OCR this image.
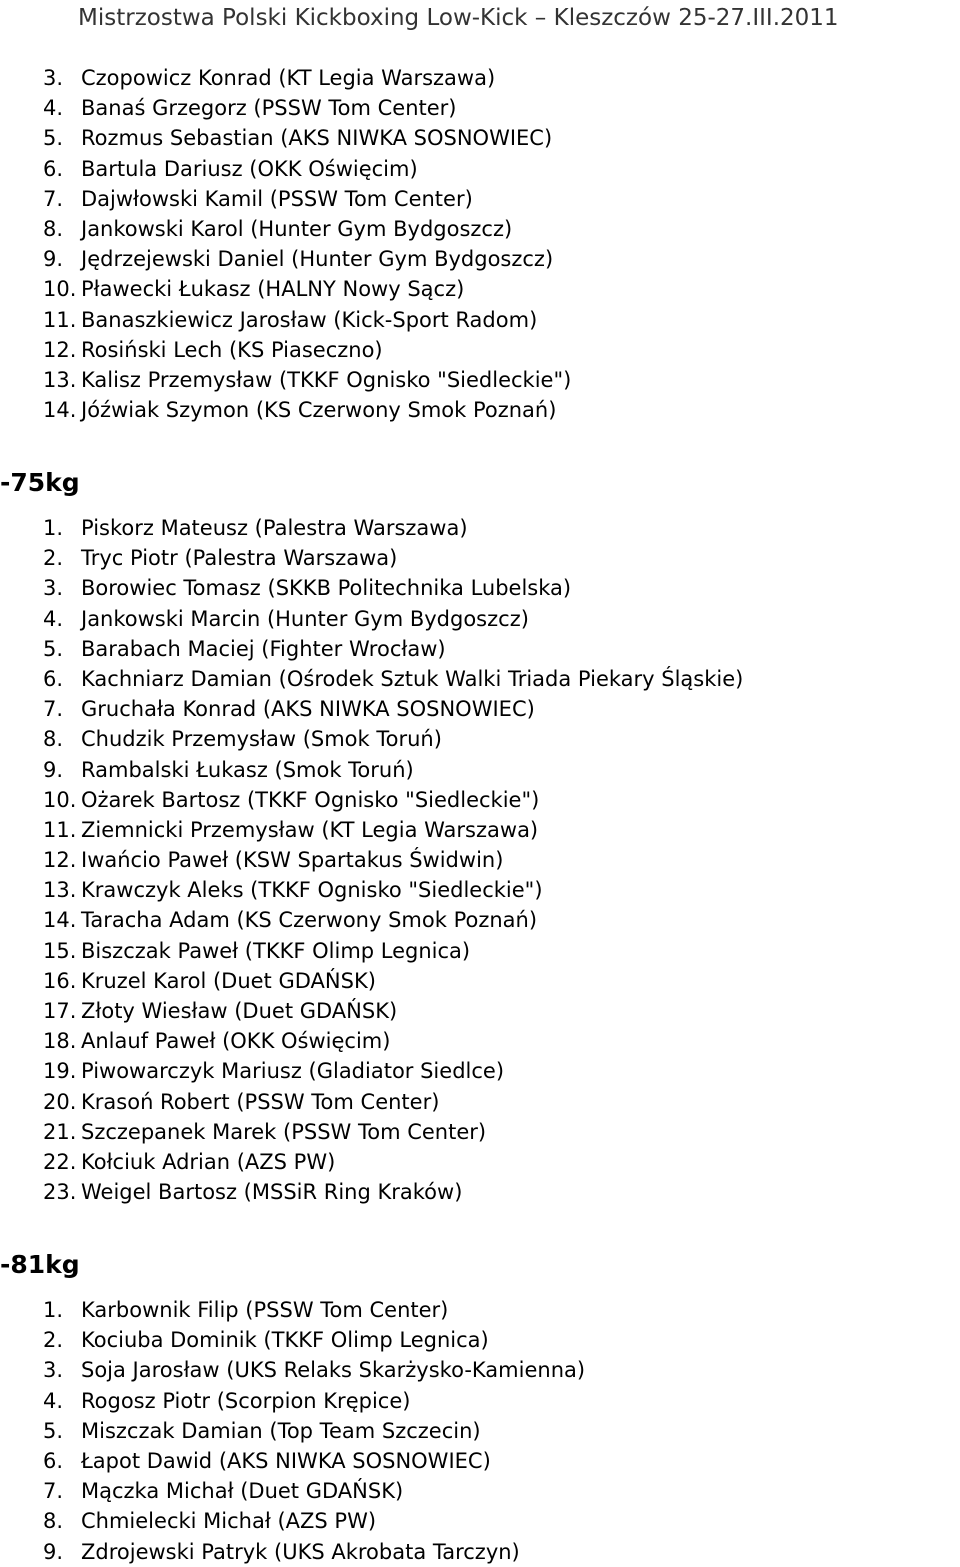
Mistrzostwa Polski Kickboxing Low-Kick – Kleszczów 25-27.III.2011
3. Czopowicz Konrad (KT Legia Warszawa)
4. Banaś Grzegorz (PSSW Tom Center)
5. Rozmus Sebastian (AKS NIWKA SOSNOWIEC)
6. Bartula Dariusz (OKK Oświęcim)
7. Dajwłowski Kamil (PSSW Tom Center)
8. Jankowski Karol (Hunter Gym Bydgoszcz)
9. Jędrzejewski Daniel (Hunter Gym Bydgoszcz)
10. Pławecki Łukasz (HALNY Nowy Sącz)
11. Banaszkiewicz Jarosław (Kick-Sport Radom)
12. Rosiński Lech (KS Piaseczno)
13. Kalisz Przemysław (TKKF Ognisko "Siedleckie")
14. Jóźwiak Szymon (KS Czerwony Smok Poznań)
-75kg
1. Piskorz Mateusz (Palestra Warszawa)
2. Tryc Piotr (Palestra Warszawa)
3. Borowiec Tomasz (SKKB Politechnika Lubelska)
4. Jankowski Marcin (Hunter Gym Bydgoszcz)
5. Barabach Maciej (Fighter Wrocław)
6. Kachniarz Damian (Ośrodek Sztuk Walki Triada Piekary Śląskie)
7. Gruchała Konrad (AKS NIWKA SOSNOWIEC)
8. Chudzik Przemysław (Smok Toruń)
9. Rambalski Łukasz (Smok Toruń)
10. Ożarek Bartosz (TKKF Ognisko "Siedleckie")
11. Ziemnicki Przemysław (KT Legia Warszawa)
12. Iwańcio Paweł (KSW Spartakus Świdwin)
13. Krawczyk Aleks (TKKF Ognisko "Siedleckie")
14. Taracha Adam (KS Czerwony Smok Poznań)
15. Biszczak Paweł (TKKF Olimp Legnica)
16. Kruzel Karol (Duet GDAŃSK)
17. Złoty Wiesław (Duet GDAŃSK)
18. Anlauf Paweł (OKK Oświęcim)
19. Piwowarczyk Mariusz (Gladiator Siedlce)
20. Krasoń Robert (PSSW Tom Center)
21. Szczepanek Marek (PSSW Tom Center)
22. Kołciuk Adrian (AZS PW)
23. Weigel Bartosz (MSSiR Ring Kraków)
-81kg
1. Karbownik Filip (PSSW Tom Center)
2. Kociuba Dominik (TKKF Olimp Legnica)
3. Soja Jarosław (UKS Relaks Skarżysko-Kamienna)
4. Rogosz Piotr (Scorpion Krępice)
5. Miszczak Damian (Top Team Szczecin)
6. Łapot Dawid (AKS NIWKA SOSNOWIEC)
7. Mączka Michał (Duet GDAŃSK)
8. Chmielecki Michał (AZS PW)
9. Zdrojewski Patryk (UKS Akrobata Tarczyn)
